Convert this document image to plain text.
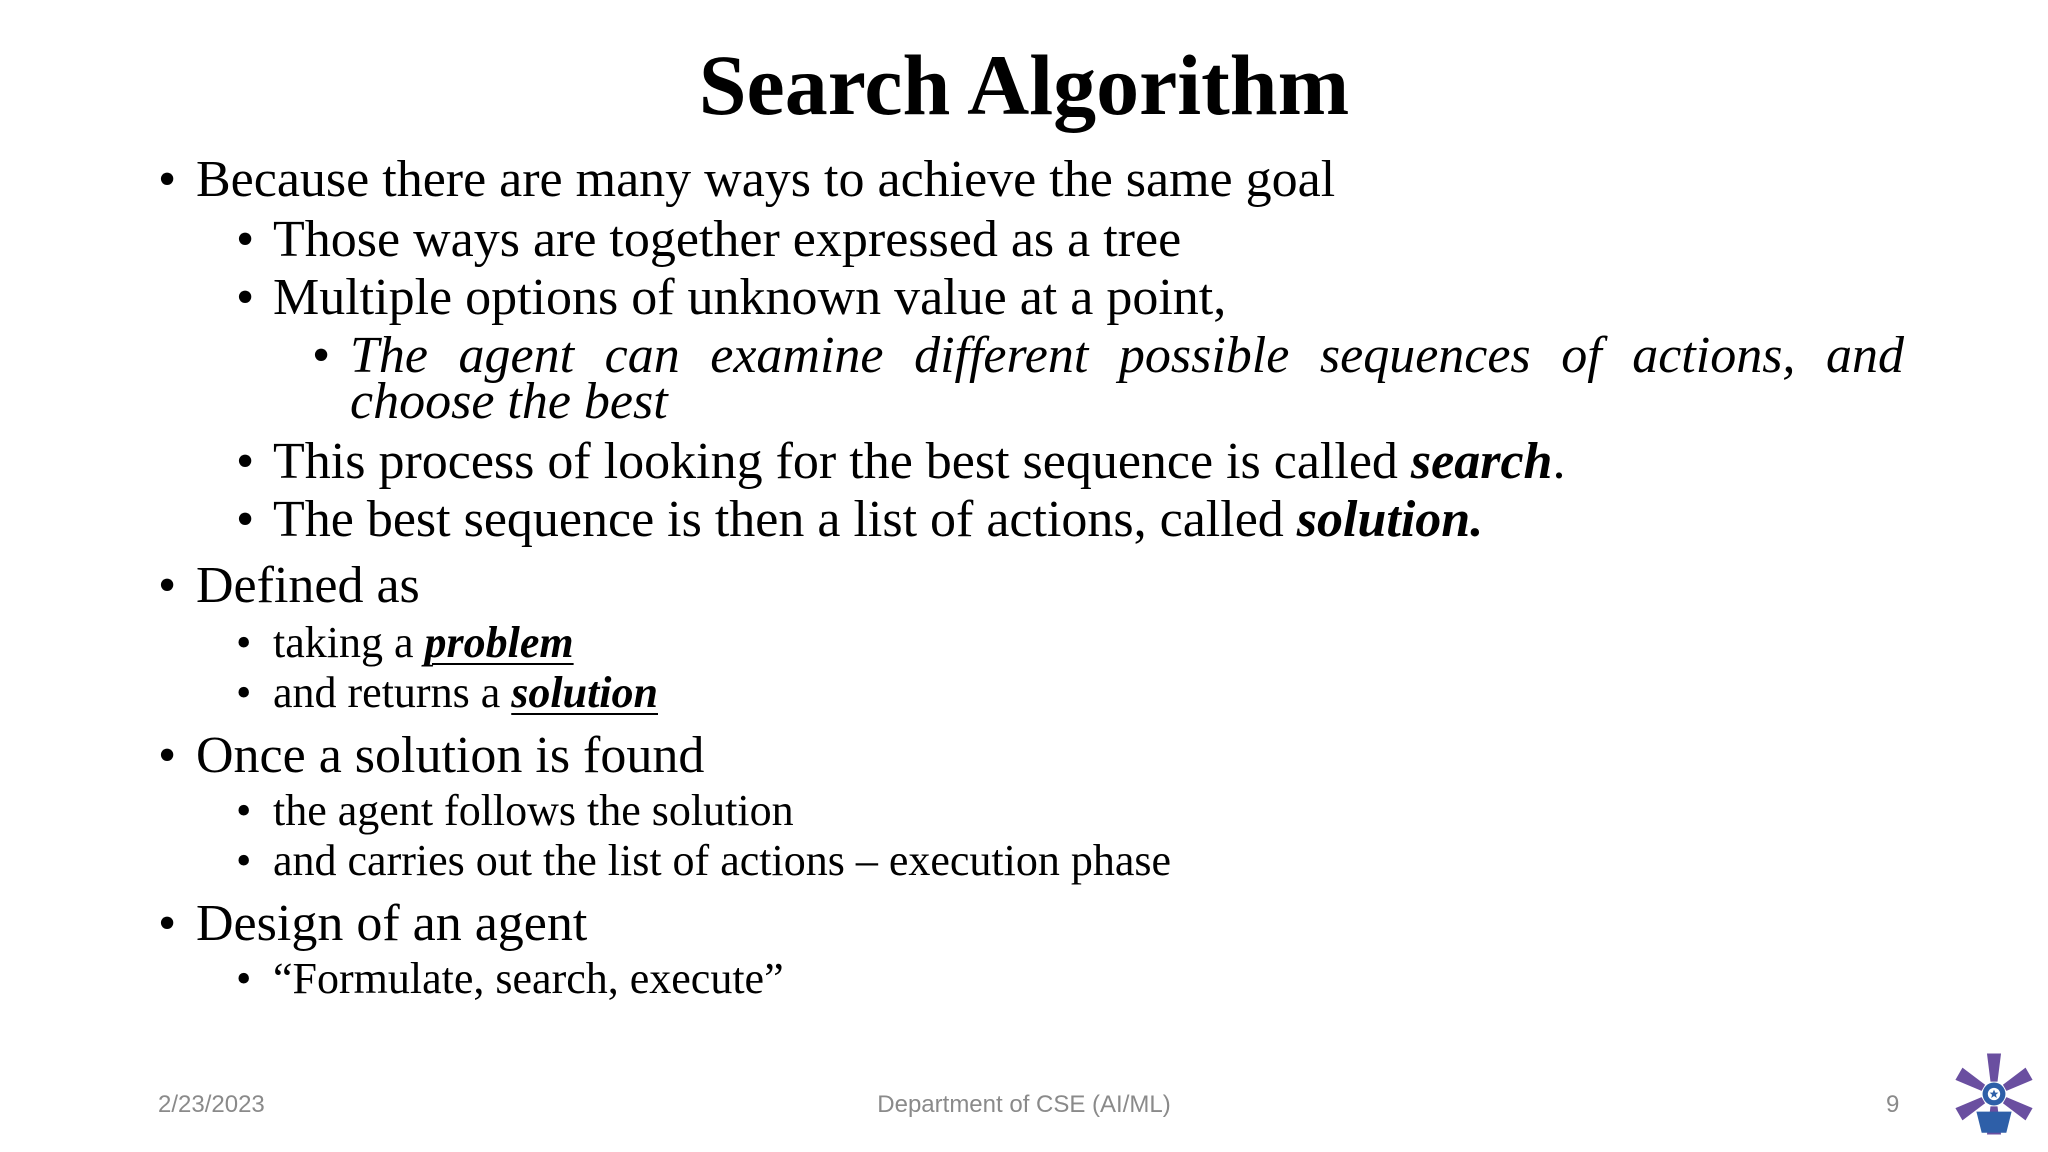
Search Algorithm
• Because there are many ways to achieve the same goal
• Those ways are together expressed as a tree
• Multiple options of unknown value at a point,
• The agent can examine different possible sequences of actions, and
choose the best
• This process of looking for the best sequence is called search.
• The best sequence is then a list of actions, called solution.
• Defined as
• taking a problem
• and returns a solution
• Once a solution is found
• the agent follows the solution
• and carries out the list of actions – execution phase
• Design of an agent
• “Formulate, search, execute”
2/23/2023	Department of CSE (AI/ML)	9
